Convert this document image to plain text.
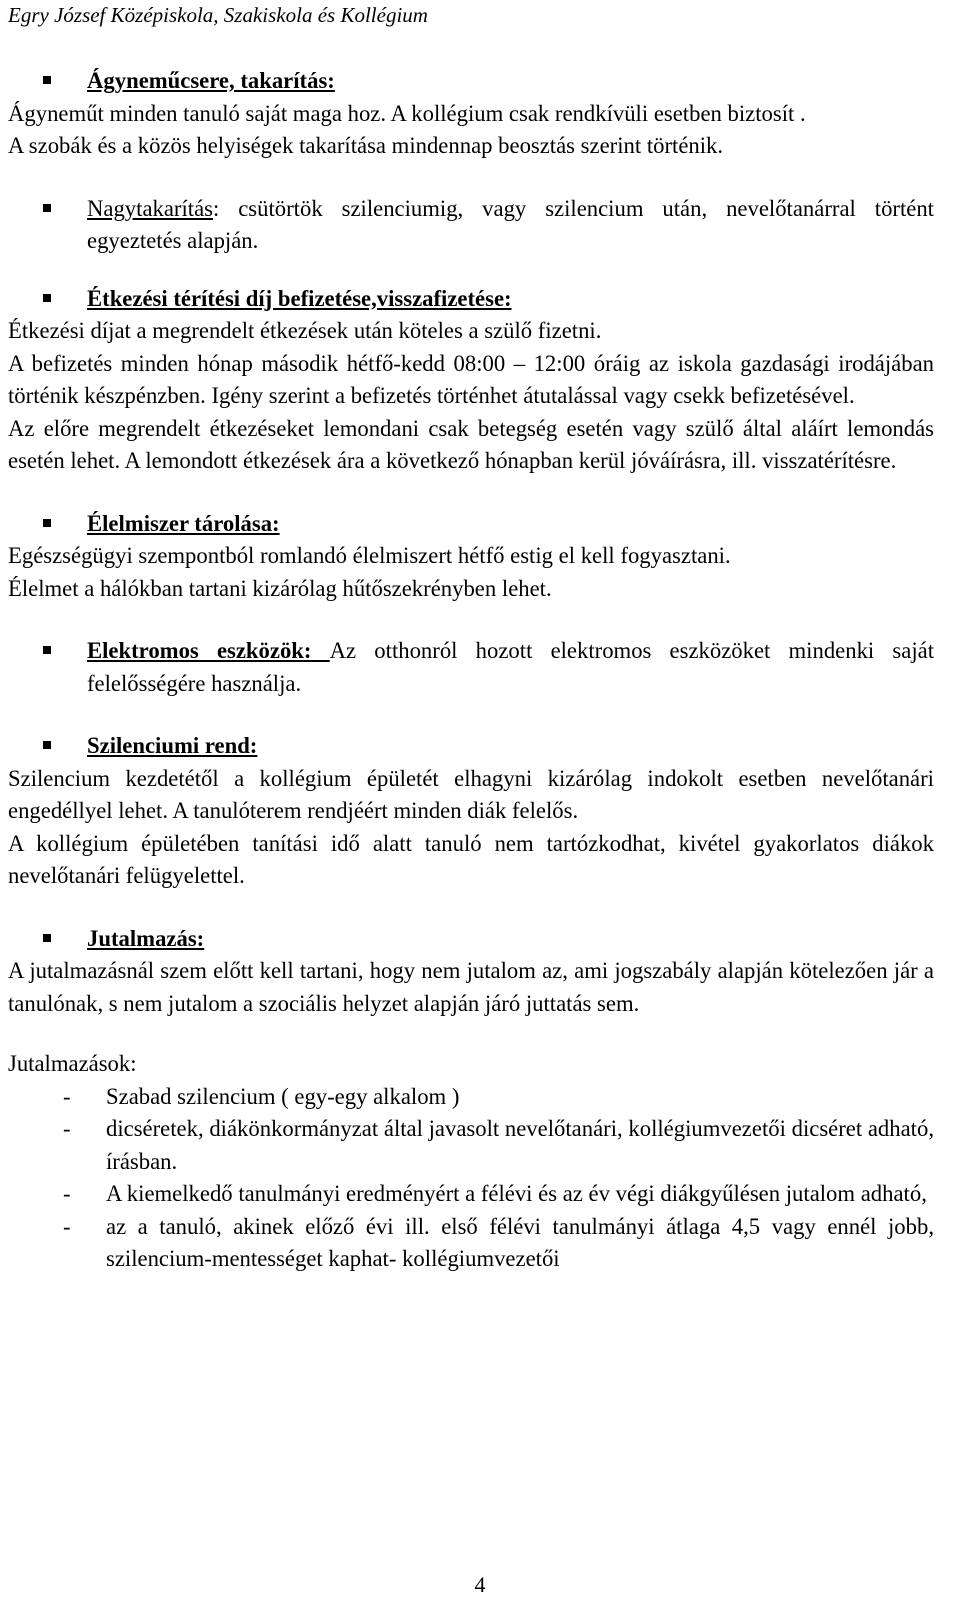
Egry József Középiskola, Szakiskola és Kollégium
Ágyneműcsere, takarítás:

Ágyneműt minden tanuló saját maga hoz. A kollégium csak rendkívüli esetben biztosít .

A szobák és a közös helyiségek takarítása mindennap beosztás szerint történik.

Nagytakarítás: csütörtök szilenciumig, vagy szilencium után, nevelőtanárral történt egyeztetés alapján.
Étkezési térítési díj befizetése,visszafizetése:

Étkezési díjat a megrendelt étkezések után köteles a szülő fizetni.

A befizetés minden hónap második hétfő-kedd 08:00 – 12:00 óráig az iskola gazdasági irodájában történik készpénzben. Igény szerint a befizetés történhet átutalással vagy csekk befizetésével.

Az előre megrendelt étkezéseket lemondani csak betegség esetén vagy szülő által aláírt lemondás esetén lehet. A lemondott étkezések ára a következő hónapban kerül jóváírásra, ill. visszatérítésre.

Élelmiszer tárolása:

Egészségügyi szempontból romlandó élelmiszert hétfő estig el kell fogyasztani.

Élelmet a hálókban tartani kizárólag hűtőszekrényben lehet.

Elektromos eszközök: Az otthonról hozott elektromos eszközöket mindenki saját felelősségére használja.
Szilenciumi rend:

Szilencium kezdetétől a kollégium épületét elhagyni kizárólag indokolt esetben nevelőtanári engedéllyel lehet. A tanulóterem rendjéért minden diák felelős.

A kollégium épületében tanítási idő alatt tanuló nem tartózkodhat, kivétel gyakorlatos diákok nevelőtanári felügyelettel.

Jutalmazás:

A jutalmazásnál szem előtt kell tartani, hogy nem jutalom az, ami jogszabály alapján kötelezően jár a tanulónak, s nem jutalom a szociális helyzet alapján járó juttatás sem.

Jutalmazások:

-	Szabad szilencium ( egy-egy alkalom )
-	dicséretek, diákönkormányzat által javasolt nevelőtanári, kollégiumvezetői dicséret adható, írásban.
-	A kiemelkedő tanulmányi eredményért a félévi és az év végi diákgyűlésen jutalom adható,
-	az a tanuló, akinek előző évi ill. első félévi tanulmányi átlaga 4,5 vagy ennél jobb, szilencium-mentességet kaphat- kollégiumvezetői
4
